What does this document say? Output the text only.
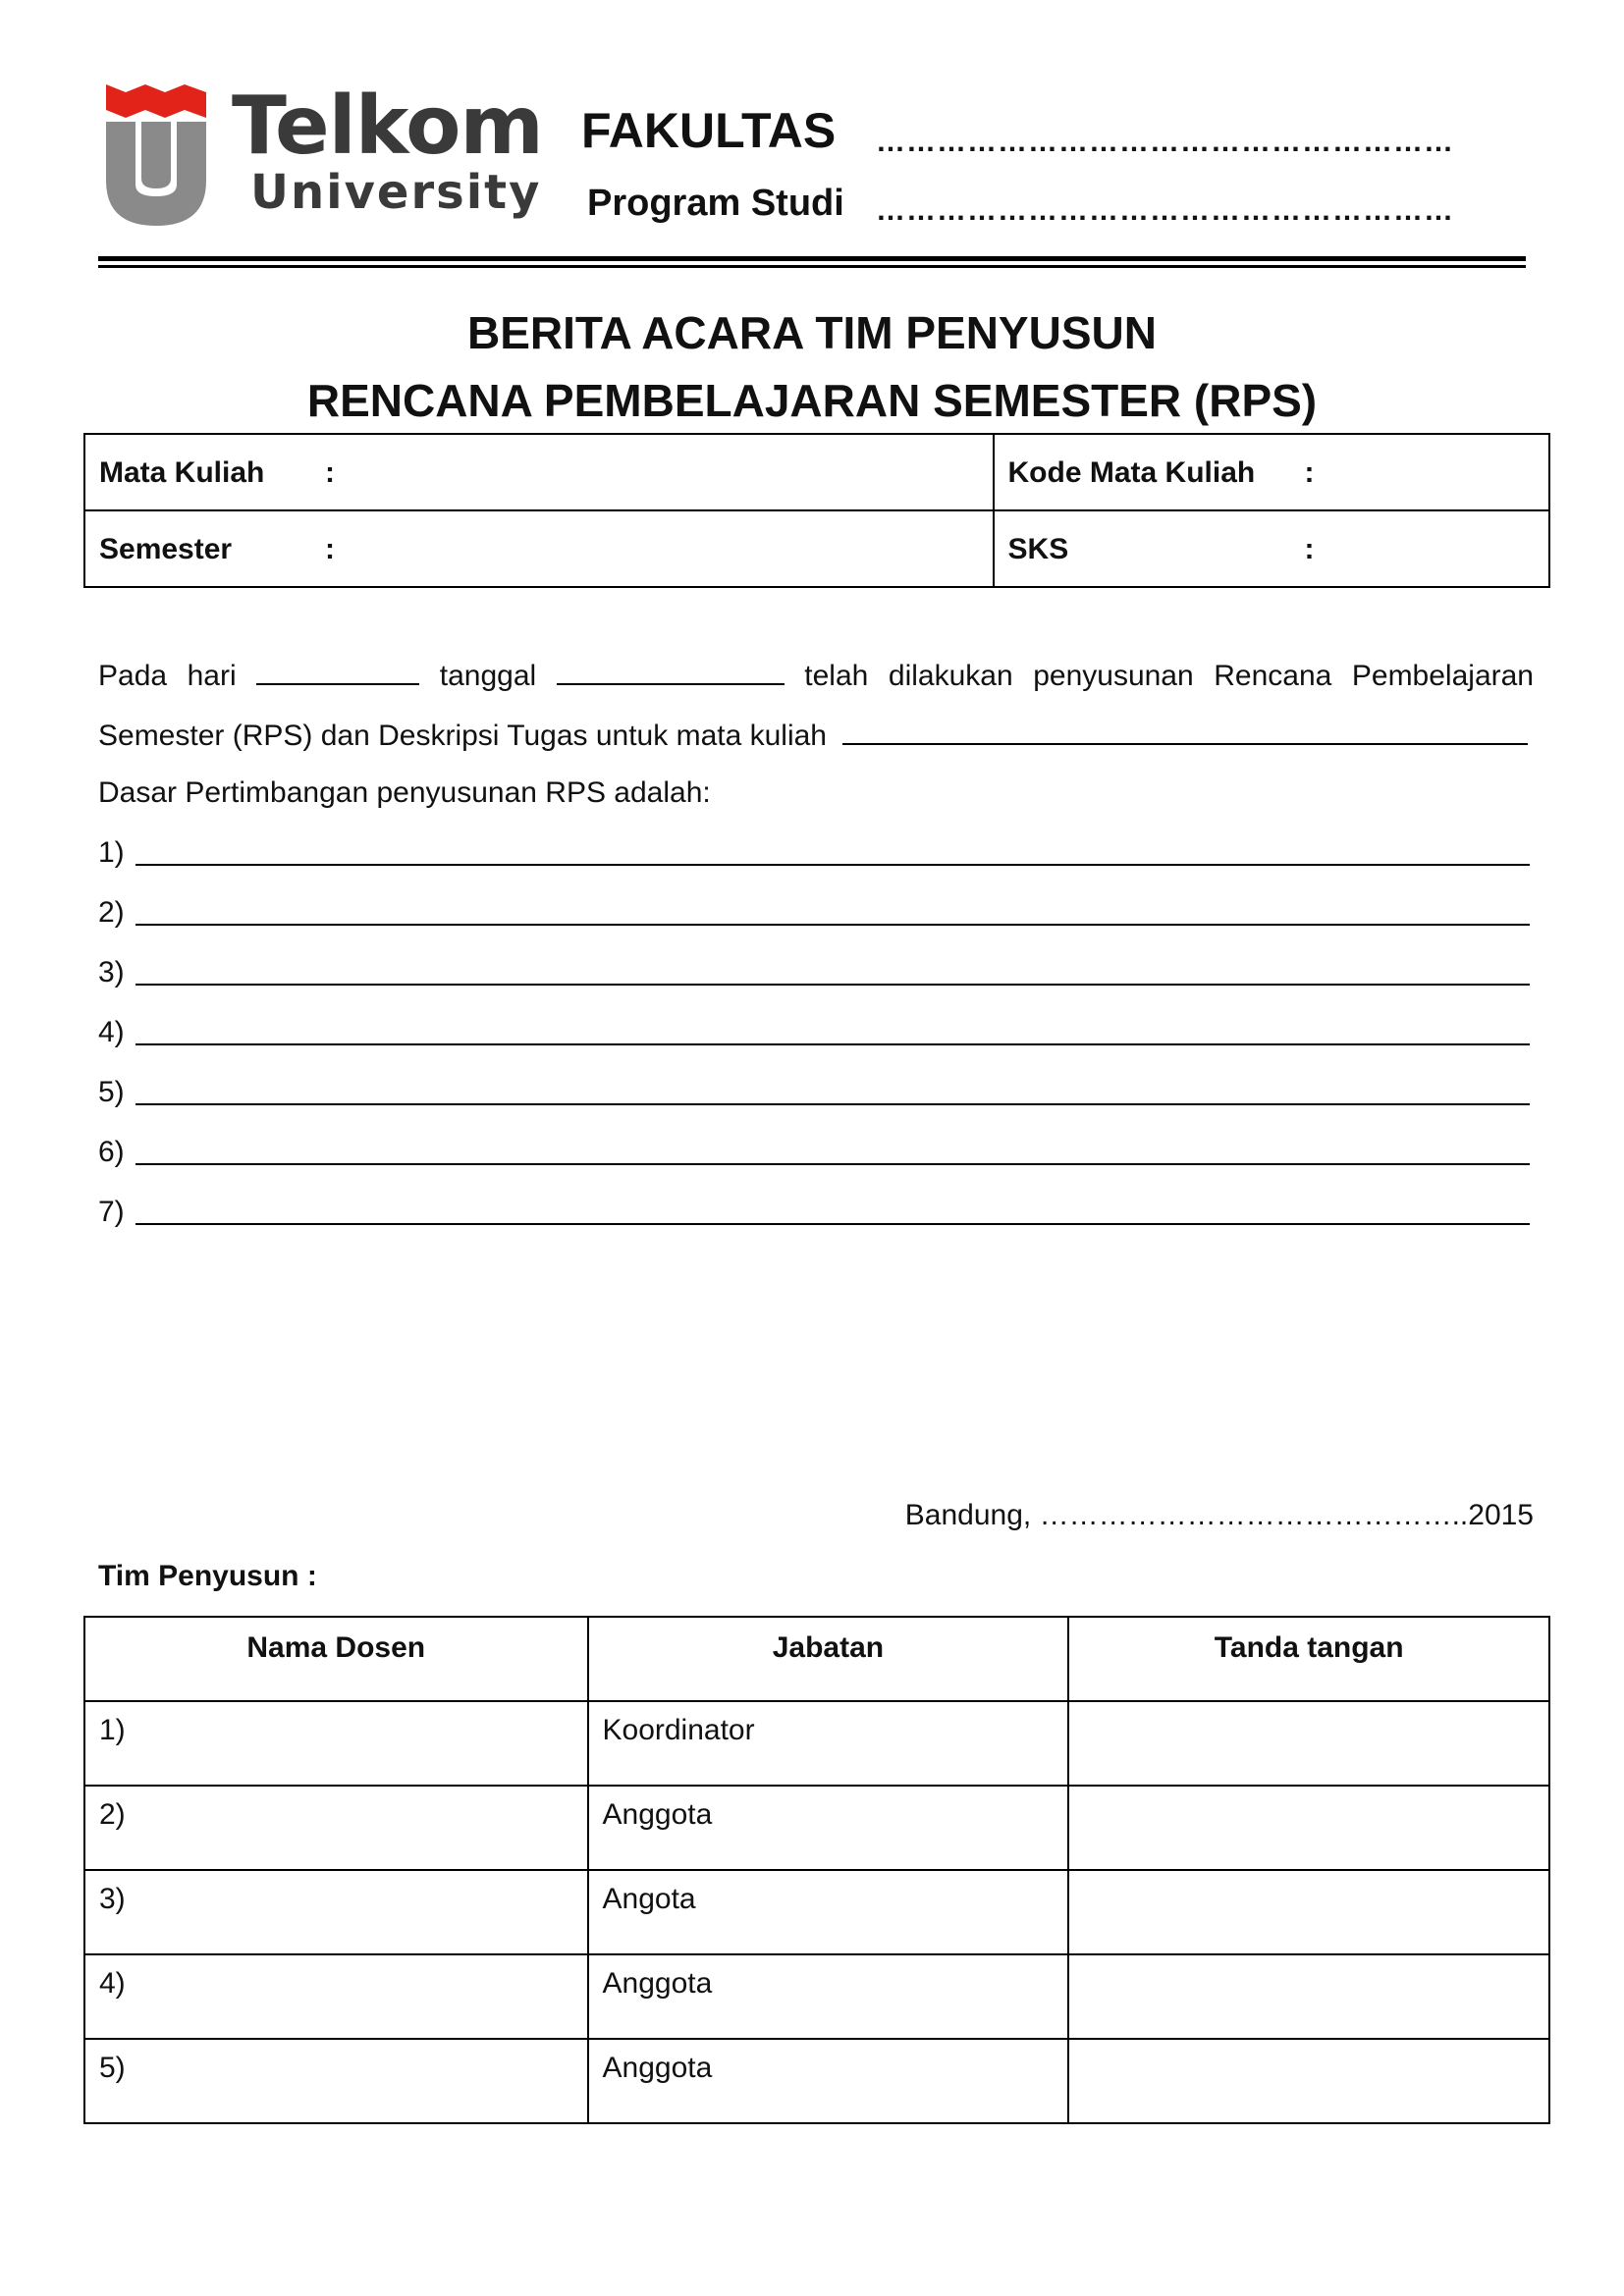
Telkom
University
FAKULTAS …………………………………………………
Program Studi …………………………………………………
BERITA ACARA TIM PENYUSUN
RENCANA PEMBELAJARAN SEMESTER (RPS)
Mata Kuliah :	Kode Mata Kuliah :

Semester :	SKS :
Pada hari	tanggal	telah dilakukan penyusunan Rencana Pembelajaran
Semester (RPS) dan Deskripsi Tugas untuk mata kuliah
Dasar Pertimbangan penyusunan RPS adalah:
1)
2)
3)
4)
5)
6)
7)
Bandung, ……………………………………..2015
Tim Penyusun :
Nama Dosen	Jabatan	Tanda tangan

1)	Koordinator	

2)	Anggota	

3)	Angota	

4)	Anggota	

5)	Anggota	
